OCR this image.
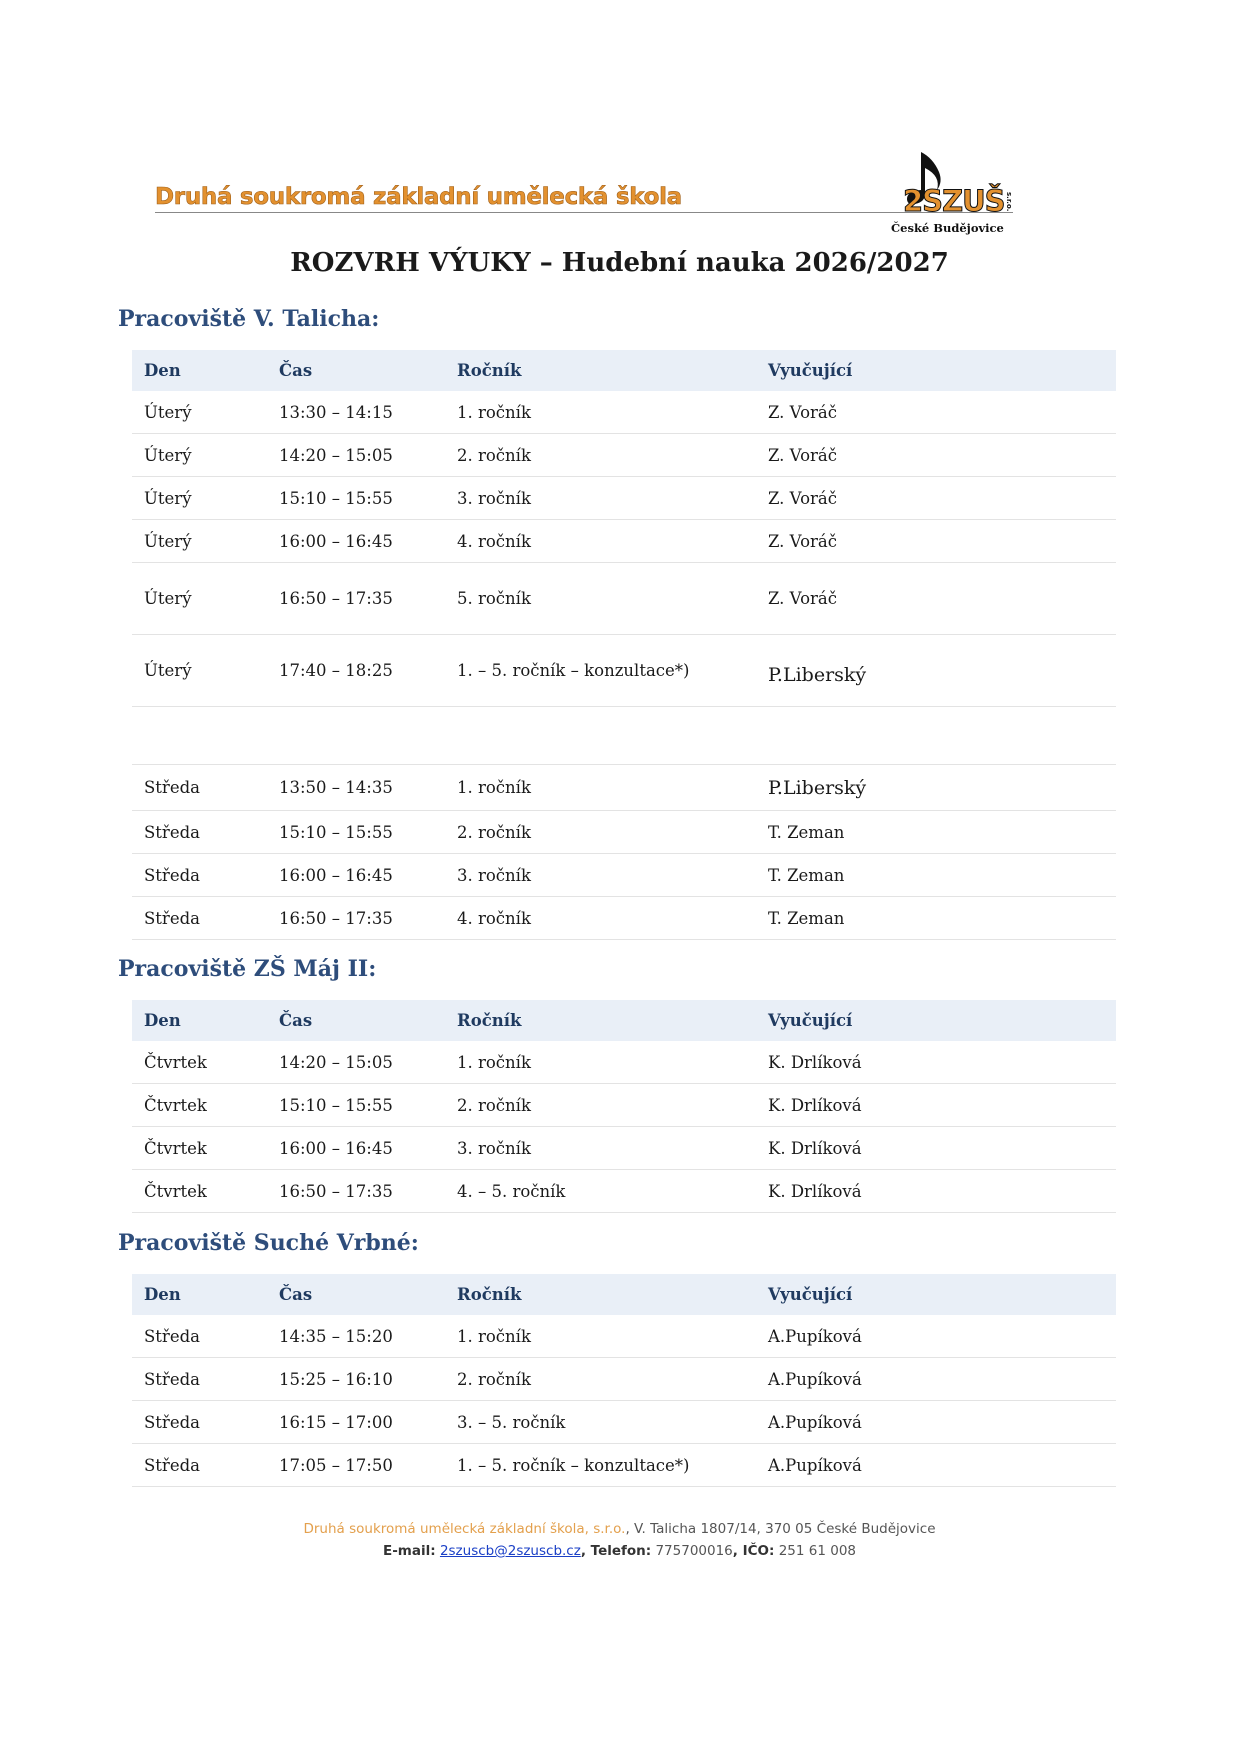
Druhá soukromá základní umělecká škola	2SZUŠ s.r.o.
České Budějovice
ROZVRH VÝUKY – Hudební nauka 2026/2027
Pracoviště V. Talicha:
Den	Čas	Ročník	Vyučující
Úterý	13:30 – 14:15	1. ročník	Z. Voráč
Úterý	14:20 – 15:05	2. ročník	Z. Voráč
Úterý	15:10 – 15:55	3. ročník	Z. Voráč
Úterý	16:00 – 16:45	4. ročník	Z. Voráč
Úterý	16:50 – 17:35	5. ročník	Z. Voráč
Úterý	17:40 – 18:25	1. – 5. ročník – konzultace*)	P.Liberský

Středa	13:50 – 14:35	1. ročník	P.Liberský
Středa	15:10 – 15:55	2. ročník	T. Zeman
Středa	16:00 – 16:45	3. ročník	T. Zeman
Středa	16:50 – 17:35	4. ročník	T. Zeman
Pracoviště ZŠ Máj II:
Den	Čas	Ročník	Vyučující
Čtvrtek	14:20 – 15:05	1. ročník	K. Drlíková
Čtvrtek	15:10 – 15:55	2. ročník	K. Drlíková
Čtvrtek	16:00 – 16:45	3. ročník	K. Drlíková
Čtvrtek	16:50 – 17:35	4. – 5. ročník	K. Drlíková
Pracoviště Suché Vrbné:
Den	Čas	Ročník	Vyučující
Středa	14:35 – 15:20	1. ročník	A.Pupíková
Středa	15:25 – 16:10	2. ročník	A.Pupíková
Středa	16:15 – 17:00	3. – 5. ročník	A.Pupíková
Středa	17:05 – 17:50	1. – 5. ročník – konzultace*)	A.Pupíková
Druhá soukromá umělecká základní škola, s.r.o., V. Talicha 1807/14, 370 05 České Budějovice
E-mail: 2szuscb@2szuscb.cz, Telefon: 775700016, IČO: 251 61 008
